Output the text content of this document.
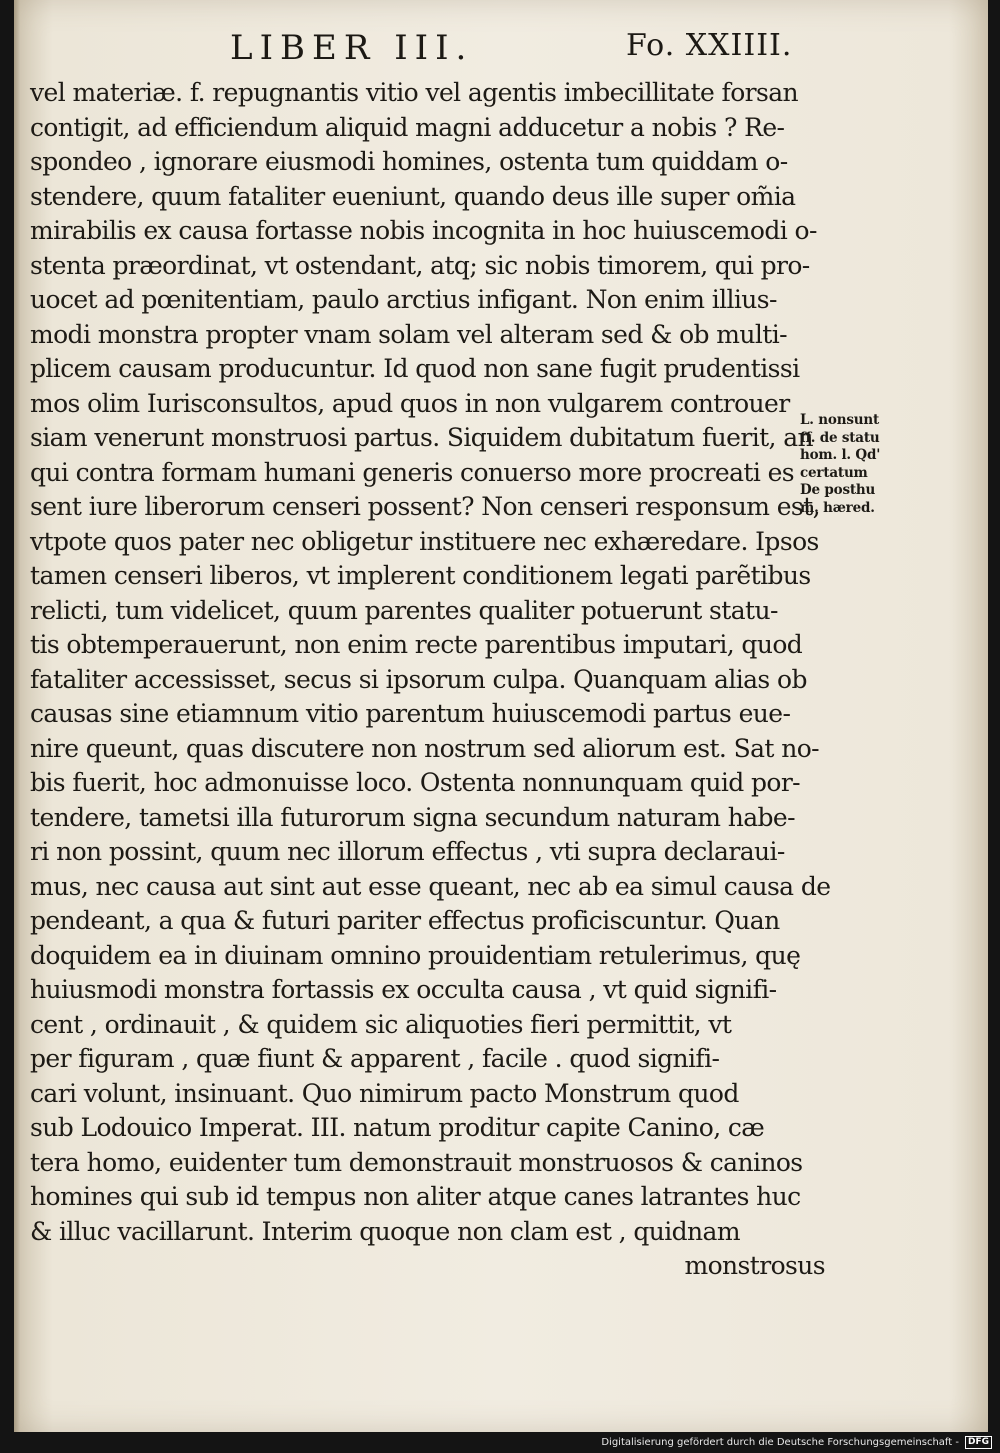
LIBER III.	Fo. XXIIII.
vel materiæ. f. repugnantis vitio vel agentis imbecillitate forsan
contigit, ad efficiendum aliquid magni adducetur a nobis ? Re-
spondeo , ignorare eiusmodi homines, ostenta tum quiddam o-
stendere, quum fataliter eueniunt, quando deus ille super om̃ia
mirabilis ex causa fortasse nobis incognita in hoc huiuscemodi o-
stenta præordinat, vt ostendant, atq; sic nobis timorem, qui pro-
uocet ad pœnitentiam, paulo arctius infigant. Non enim illius-
modi monstra propter vnam solam vel alteram sed & ob multi-
plicem causam producuntur. Id quod non sane fugit prudentissi
mos olim Iurisconsultos, apud quos in non vulgarem controuer
siam venerunt monstruosi partus. Siquidem dubitatum fuerit, an
qui contra formam humani generis conuerso more procreati es
sent iure liberorum censeri possent? Non censeri responsum est,
vtpote quos pater nec obligetur instituere nec exhæredare. Ipsos
tamen censeri liberos, vt implerent conditionem legati parẽtibus
relicti, tum videlicet, quum parentes qualiter potuerunt statu-
tis obtemperauerunt, non enim recte parentibus imputari, quod
fataliter accessisset, secus si ipsorum culpa. Quanquam alias ob
causas sine etiamnum vitio parentum huiuscemodi partus eue-
nire queunt, quas discutere non nostrum sed aliorum est. Sat no-
bis fuerit, hoc admonuisse loco. Ostenta nonnunquam quid por-
tendere, tametsi illa futurorum signa secundum naturam habe-
ri non possint, quum nec illorum effectus , vti supra declaraui-
mus, nec causa aut sint aut esse queant, nec ab ea simul causa de
pendeant, a qua & futuri pariter effectus proficiscuntur. Quan
doquidem ea in diuinam omnino prouidentiam retulerimus, quę
huiusmodi monstra fortassis ex occulta causa , vt quid signifi-
cent , ordinauit , & quidem sic aliquoties fieri permittit, vt
per figuram , quæ fiunt & apparent , facile . quod signifi-
cari volunt, insinuant. Quo nimirum pacto Monstrum quod
sub Lodouico Imperat. III. natum proditur capite Canino, cæ
tera homo, euidenter tum demonstrauit monstruosos & caninos
homines qui sub id tempus non aliter atque canes latrantes huc
& illuc vacillarunt. Interim quoque non clam est , quidnam
monstrosus
L. nonsunt
ff. de statu
hom. l. Qd'
certatum
De posthu
m. hæred.
Digitalisierung gefördert durch die Deutsche Forschungsgemeinschaft -	DFG
